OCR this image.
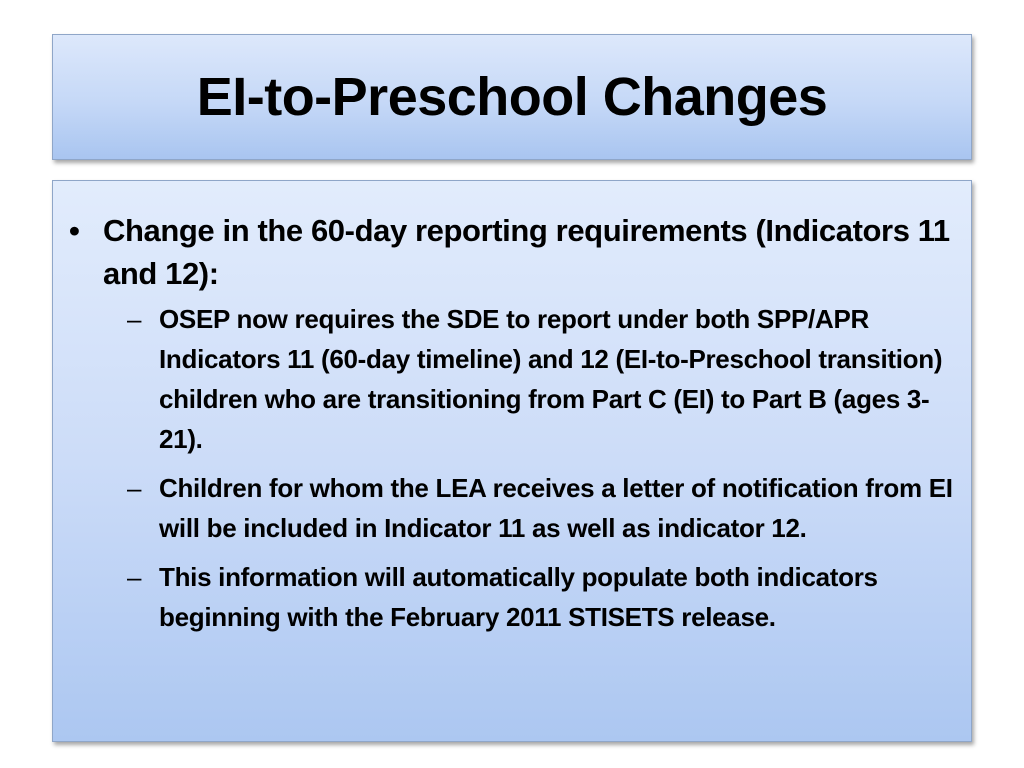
EI-to-Preschool Changes
• Change in the 60-day reporting requirements (Indicators 11 and 12):
– OSEP now requires the SDE to report under both SPP/APR Indicators 11 (60-day timeline) and 12 (EI-to-Preschool transition) children who are transitioning from Part C (EI) to Part B (ages 3-21).
– Children for whom the LEA receives a letter of notification from EI will be included in Indicator 11 as well as indicator 12.
– This information will automatically populate both indicators beginning with the February 2011 STISETS release.
